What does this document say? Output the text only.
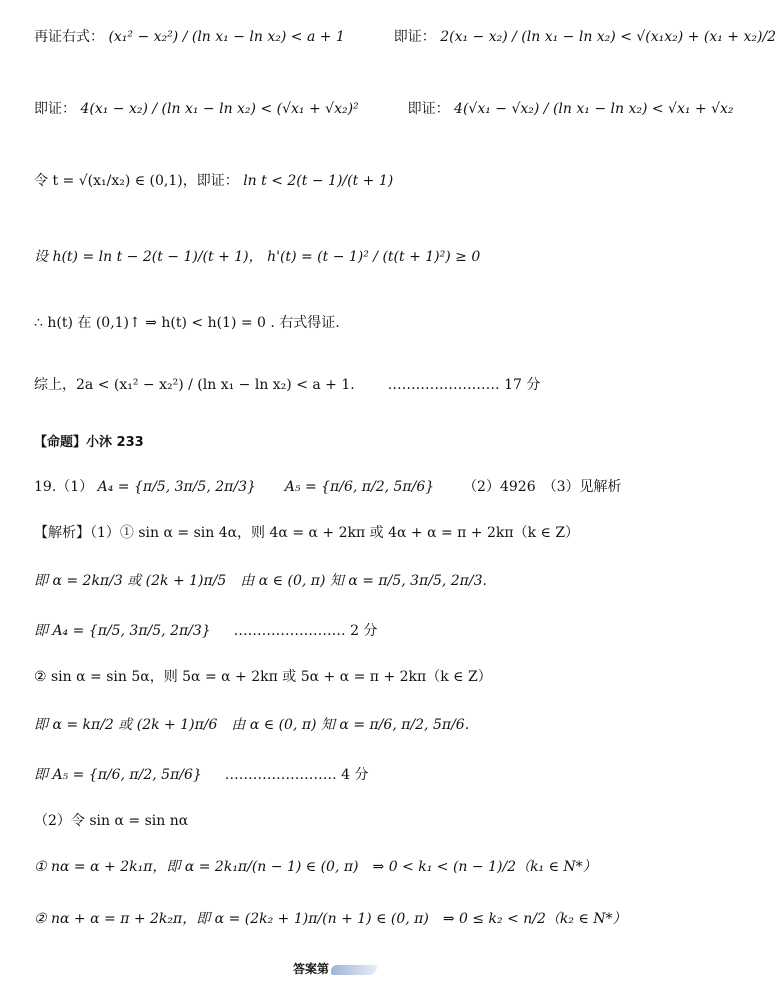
再证右式： (x₁² − x₂²) / (ln x₁ − ln x₂) < a + 1	即证： 2(x₁ − x₂) / (ln x₁ − ln x₂) < √(x₁x₂) + (x₁ + x₂)/2
即证： 4(x₁ − x₂) / (ln x₁ − ln x₂) < (√x₁ + √x₂)²	即证： 4(√x₁ − √x₂) / (ln x₁ − ln x₂) < √x₁ + √x₂
令 t = √(x₁/x₂) ∈ (0,1)，即证： ln t < 2(t − 1)/(t + 1)
设 h(t) = ln t − 2(t − 1)/(t + 1)， h'(t) = (t − 1)² / (t(t + 1)²) ≥ 0
∴ h(t) 在 (0,1)↑ ⇒ h(t) < h(1) = 0 . 右式得证.
综上，2a < (x₁² − x₂²) / (ln x₁ − ln x₂) < a + 1. …………………… 17 分
【命题】小沐 233
19.（1） A₄ = {π/5, 3π/5, 2π/3} A₅ = {π/6, π/2, 5π/6} （2）4926　（3）见解析
【解析】（1）① sin α = sin 4α，则 4α = α + 2kπ 或 4α + α = π + 2kπ（k ∈ Z）
即 α = 2kπ/3 或 (2k + 1)π/5　由 α ∈ (0, π) 知 α = π/5, 3π/5, 2π/3.
即 A₄ = {π/5, 3π/5, 2π/3} …………………… 2 分
② sin α = sin 5α，则 5α = α + 2kπ 或 5α + α = π + 2kπ（k ∈ Z）
即 α = kπ/2 或 (2k + 1)π/6　由 α ∈ (0, π) 知 α = π/6, π/2, 5π/6.
即 A₅ = {π/6, π/2, 5π/6} …………………… 4 分
（2）令 sin α = sin nα
① nα = α + 2k₁π，即 α = 2k₁π/(n − 1) ∈ (0, π)　⇒ 0 < k₁ < (n − 1)/2（k₁ ∈ N*）
② nα + α = π + 2k₂π，即 α = (2k₂ + 1)π/(n + 1) ∈ (0, π)　⇒ 0 ≤ k₂ < n/2（k₂ ∈ N*）
答案第
